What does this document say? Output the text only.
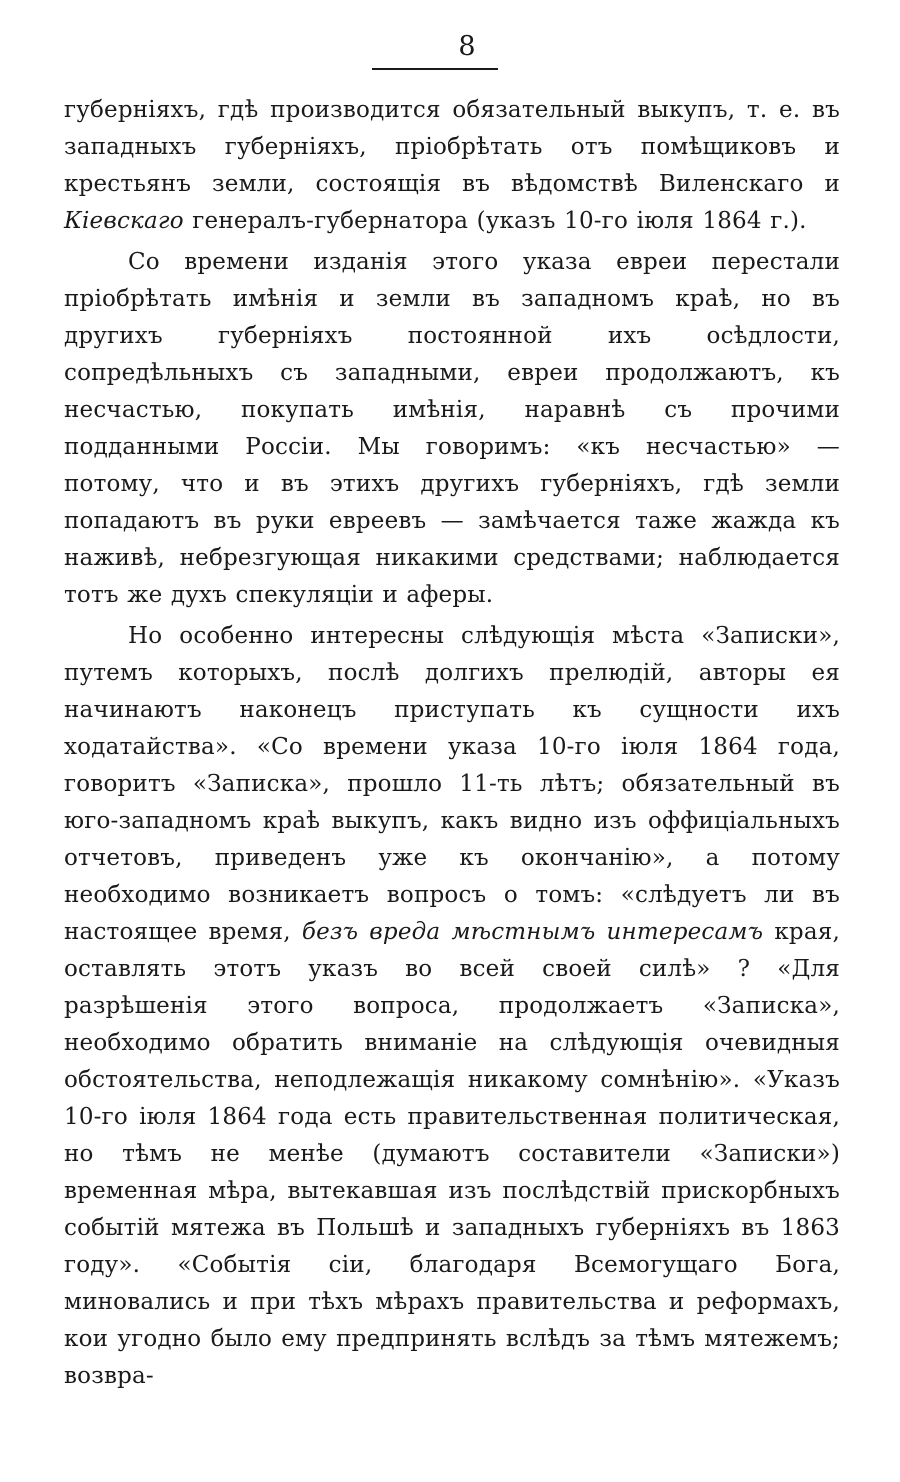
8

губерніяхъ, гдѣ производится обязательный выкупъ, т. е. въ западныхъ губерніяхъ, пріобрѣтать отъ помѣщиковъ и крестьянъ земли, состоящія въ вѣдомствѣ Виленскаго и Кіевскаго генералъ-губернатора (указъ 10-го іюля 1864 г.).

Со времени изданія этого указа евреи перестали пріобрѣтать имѣнія и земли въ западномъ краѣ, но въ другихъ губерніяхъ постоянной ихъ осѣдлости, сопредѣльныхъ съ западными, евреи продолжаютъ, къ несчастью, покупать имѣнія, наравнѣ съ прочими подданными Россіи. Мы говоримъ: «къ несчастью» — потому, что и въ этихъ другихъ губерніяхъ, гдѣ земли попадаютъ въ руки евреевъ — замѣчается таже жажда къ наживѣ, небрезгующая никакими средствами; наблюдается тотъ же духъ спекуляціи и аферы.

Но особенно интересны слѣдующія мѣста «Записки», путемъ которыхъ, послѣ долгихъ прелюдій, авторы ея начинаютъ наконецъ приступать къ сущности ихъ ходатайства». «Со времени указа 10-го іюля 1864 года, говоритъ «Записка», прошло 11-ть лѣтъ; обязательный въ юго-западномъ краѣ выкупъ, какъ видно изъ оффиціальныхъ отчетовъ, приведенъ уже къ окончанію», а потому необходимо возникаетъ вопросъ о томъ: «слѣдуетъ ли въ настоящее время, безъ вреда мѣстнымъ интересамъ края, оставлять этотъ указъ во всей своей силѣ» ? «Для разрѣшенія этого вопроса, продолжаетъ «Записка», необходимо обратить вниманіе на слѣдующія очевидныя обстоятельства, неподлежащія никакому сомнѣнію». «Указъ 10-го іюля 1864 года есть правительственная политическая, но тѣмъ не менѣе (думаютъ составители «Записки») временная мѣра, вытекавшая изъ послѣдствій прискорбныхъ событій мятежа въ Польшѣ и западныхъ губерніяхъ въ 1863 году». «Событія сіи, благодаря Всемогущаго Бога, миновались и при тѣхъ мѣрахъ правительства и реформахъ, кои угодно было ему предпринять вслѣдъ за тѣмъ мятежемъ; возвра-
